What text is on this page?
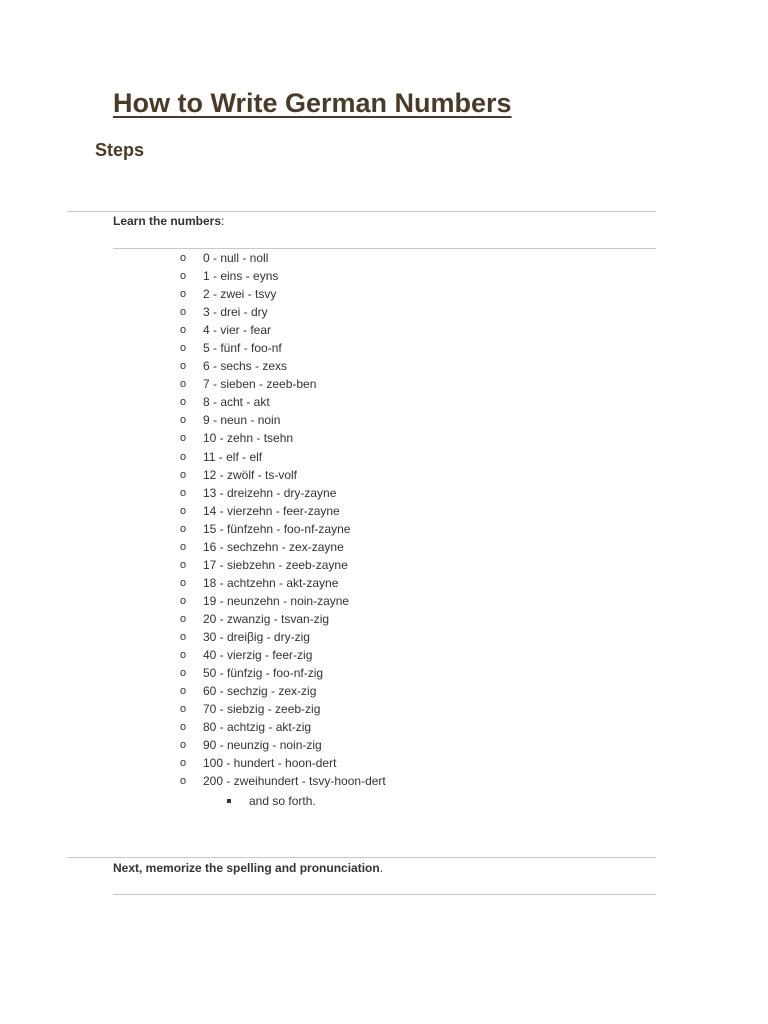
How to Write German Numbers
Steps

Learn the numbers:

o	0 - null - noll
o	1 - eins - eyns
o	2 - zwei - tsvy
o	3 - drei - dry
o	4 - vier - fear
o	5 - fünf - foo-nf
o	6 - sechs - zexs
o	7 - sieben - zeeb-ben
o	8 - acht - akt
o	9 - neun - noin
o	10 - zehn - tsehn
o	11 - elf - elf
o	12 - zwölf - ts-volf
o	13 - dreizehn - dry-zayne
o	14 - vierzehn - feer-zayne
o	15 - fünfzehn - foo-nf-zayne
o	16 - sechzehn - zex-zayne
o	17 - siebzehn - zeeb-zayne
o	18 - achtzehn - akt-zayne
o	19 - neunzehn - noin-zayne
o	20 - zwanzig - tsvan-zig
o	30 - dreiβig - dry-zig
o	40 - vierzig - feer-zig
o	50 - fünfzig - foo-nf-zig
o	60 - sechzig - zex-zig
o	70 - siebzig - zeeb-zig
o	80 - achtzig - akt-zig
o	90 - neunzig - noin-zig
o	100 - hundert - hoon-dert
o	200 - zweihundert - tsvy-hoon-dert
and so forth.

Next, memorize the spelling and pronunciation.
